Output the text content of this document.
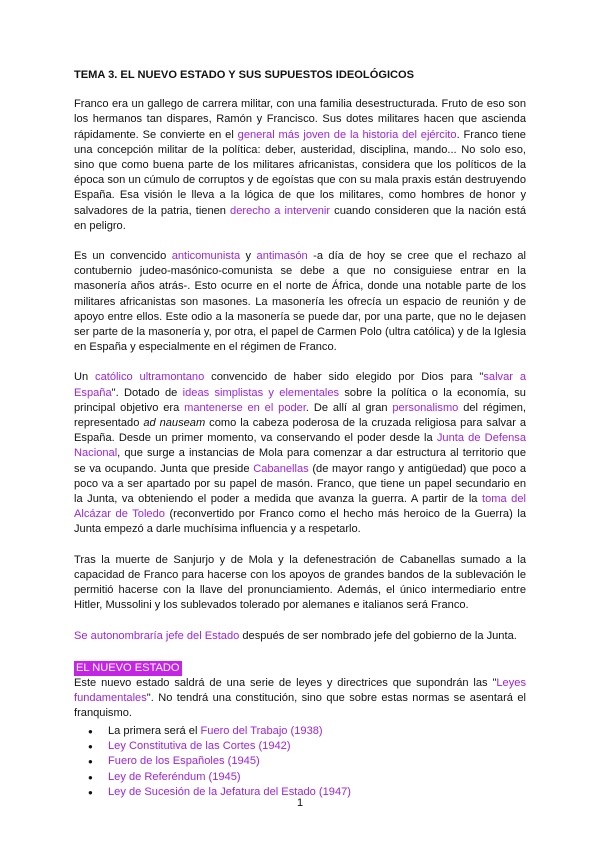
TEMA 3. EL NUEVO ESTADO Y SUS SUPUESTOS IDEOLÓGICOS

Franco era un gallego de carrera militar, con una familia desestructurada. Fruto de eso son los hermanos tan dispares, Ramón y Francisco. Sus dotes militares hacen que ascienda rápidamente. Se convierte en el general más joven de la historia del ejército. Franco tiene una concepción militar de la política: deber, austeridad, disciplina, mando... No solo eso, sino que como buena parte de los militares africanistas, considera que los políticos de la época son un cúmulo de corruptos y de egoístas que con su mala praxis están destruyendo España. Esa visión le lleva a la lógica de que los militares, como hombres de honor y salvadores de la patria, tienen derecho a intervenir cuando consideren que la nación está en peligro.

Es un convencido anticomunista y antimasón -a día de hoy se cree que el rechazo al contubernio judeo-masónico-comunista se debe a que no consiguiese entrar en la masonería años atrás-. Esto ocurre en el norte de África, donde una notable parte de los militares africanistas son masones. La masonería les ofrecía un espacio de reunión y de apoyo entre ellos. Este odio a la masonería se puede dar, por una parte, que no le dejasen ser parte de la masonería y, por otra, el papel de Carmen Polo (ultra católica) y de la Iglesia en España y especialmente en el régimen de Franco.

Un católico ultramontano convencido de haber sido elegido por Dios para "salvar a España". Dotado de ideas simplistas y elementales sobre la política o la economía, su principal objetivo era mantenerse en el poder. De allí al gran personalismo del régimen, representado ad nauseam como la cabeza poderosa de la cruzada religiosa para salvar a España. Desde un primer momento, va conservando el poder desde la Junta de Defensa Nacional, que surge a instancias de Mola para comenzar a dar estructura al territorio que se va ocupando. Junta que preside Cabanellas (de mayor rango y antigüedad) que poco a poco va a ser apartado por su papel de masón. Franco, que tiene un papel secundario en la Junta, va obteniendo el poder a medida que avanza la guerra. A partir de la toma del Alcázar de Toledo (reconvertido por Franco como el hecho más heroico de la Guerra) la Junta empezó a darle muchísima influencia y a respetarlo.

Tras la muerte de Sanjurjo y de Mola y la defenestración de Cabanellas sumado a la capacidad de Franco para hacerse con los apoyos de grandes bandos de la sublevación le permitió hacerse con la llave del pronunciamiento. Además, el único intermediario entre Hitler, Mussolini y los sublevados tolerado por alemanes e italianos será Franco.

Se autonombraría jefe del Estado después de ser nombrado jefe del gobierno de la Junta.

EL NUEVO ESTADO

Este nuevo estado saldrá de una serie de leyes y directrices que supondrán las "Leyes fundamentales". No tendrá una constitución, sino que sobre estas normas se asentará el franquismo.

● La primera será el Fuero del Trabajo (1938)
● Ley Constitutiva de las Cortes (1942)
● Fuero de los Españoles (1945)
● Ley de Referéndum (1945)
● Ley de Sucesión de la Jefatura del Estado (1947)
1
